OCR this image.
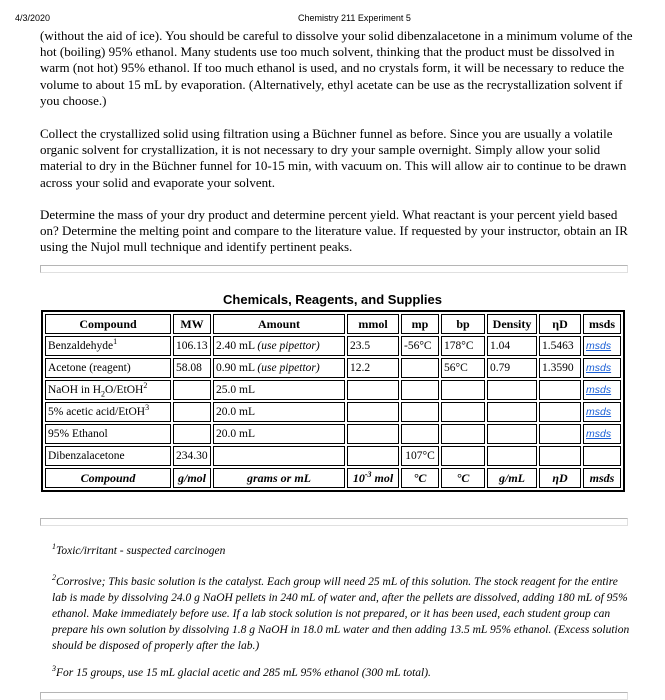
4/3/2020	Chemistry 211 Experiment 5

(without the aid of ice). You should be careful to dissolve your solid dibenzalacetone in a minimum volume of the hot (boiling) 95% ethanol. Many students use too much solvent, thinking that the product must be dissolved in warm (not hot) 95% ethanol. If too much ethanol is used, and no crystals form, it will be necessary to reduce the volume to about 15 mL by evaporation. (Alternatively, ethyl acetate can be use as the recrystallization solvent if you choose.)

Collect the crystallized solid using filtration using a Büchner funnel as before. Since you are usually a volatile organic solvent for crystallization, it is not necessary to dry your sample overnight. Simply allow your solid material to dry in the Büchner funnel for 10-15 min, with vacuum on. This will allow air to continue to be drawn across your solid and evaporate your solvent.

Determine the mass of your dry product and determine percent yield. What reactant is your percent yield based on? Determine the melting point and compare to the literature value. If requested by your instructor, obtain an IR using the Nujol mull technique and identify pertinent peaks.

Chemicals, Reagents, and Supplies
Compound	MW	Amount	mmol	mp	bp	Density	ηD	msds
Benzaldehyde$^1$	106.13	2.40 mL (use pipettor)	23.5	-56°C	178°C	1.04	1.5463	msds
Acetone (reagent)	58.08	0.90 mL (use pipettor)	12.2		56°C	0.79	1.3590	msds
NaOH in $H_2O/EtOH^2$		25.0 mL						msds
5% acetic acid/EtOH$^3$		20.0 mL						msds
95% Ethanol		20.0 mL						msds
Dibenzalacetone	234.30			107°C				
Compound	g/mol	grams or mL	$10^{-3}$ mol	°C	°C	g/mL	ηD	msds

$^1$Toxic/irritant - suspected carcinogen

$^2$Corrosive; This basic solution is the catalyst. Each group will need 25 mL of this solution. The stock reagent for the entire lab is made by dissolving 24.0 g NaOH pellets in 240 mL of water and, after the pellets are dissolved, adding 180 mL of 95% ethanol. Make immediately before use. If a lab stock solution is not prepared, or it has been used, each student group can prepare his own solution by dissolving 1.8 g NaOH in 18.0 mL water and then adding 13.5 mL 95% ethanol. (Excess solution should be disposed of properly after the lab.)

$^3$For 15 groups, use 15 mL glacial acetic and 285 mL 95% ethanol (300 mL total).
